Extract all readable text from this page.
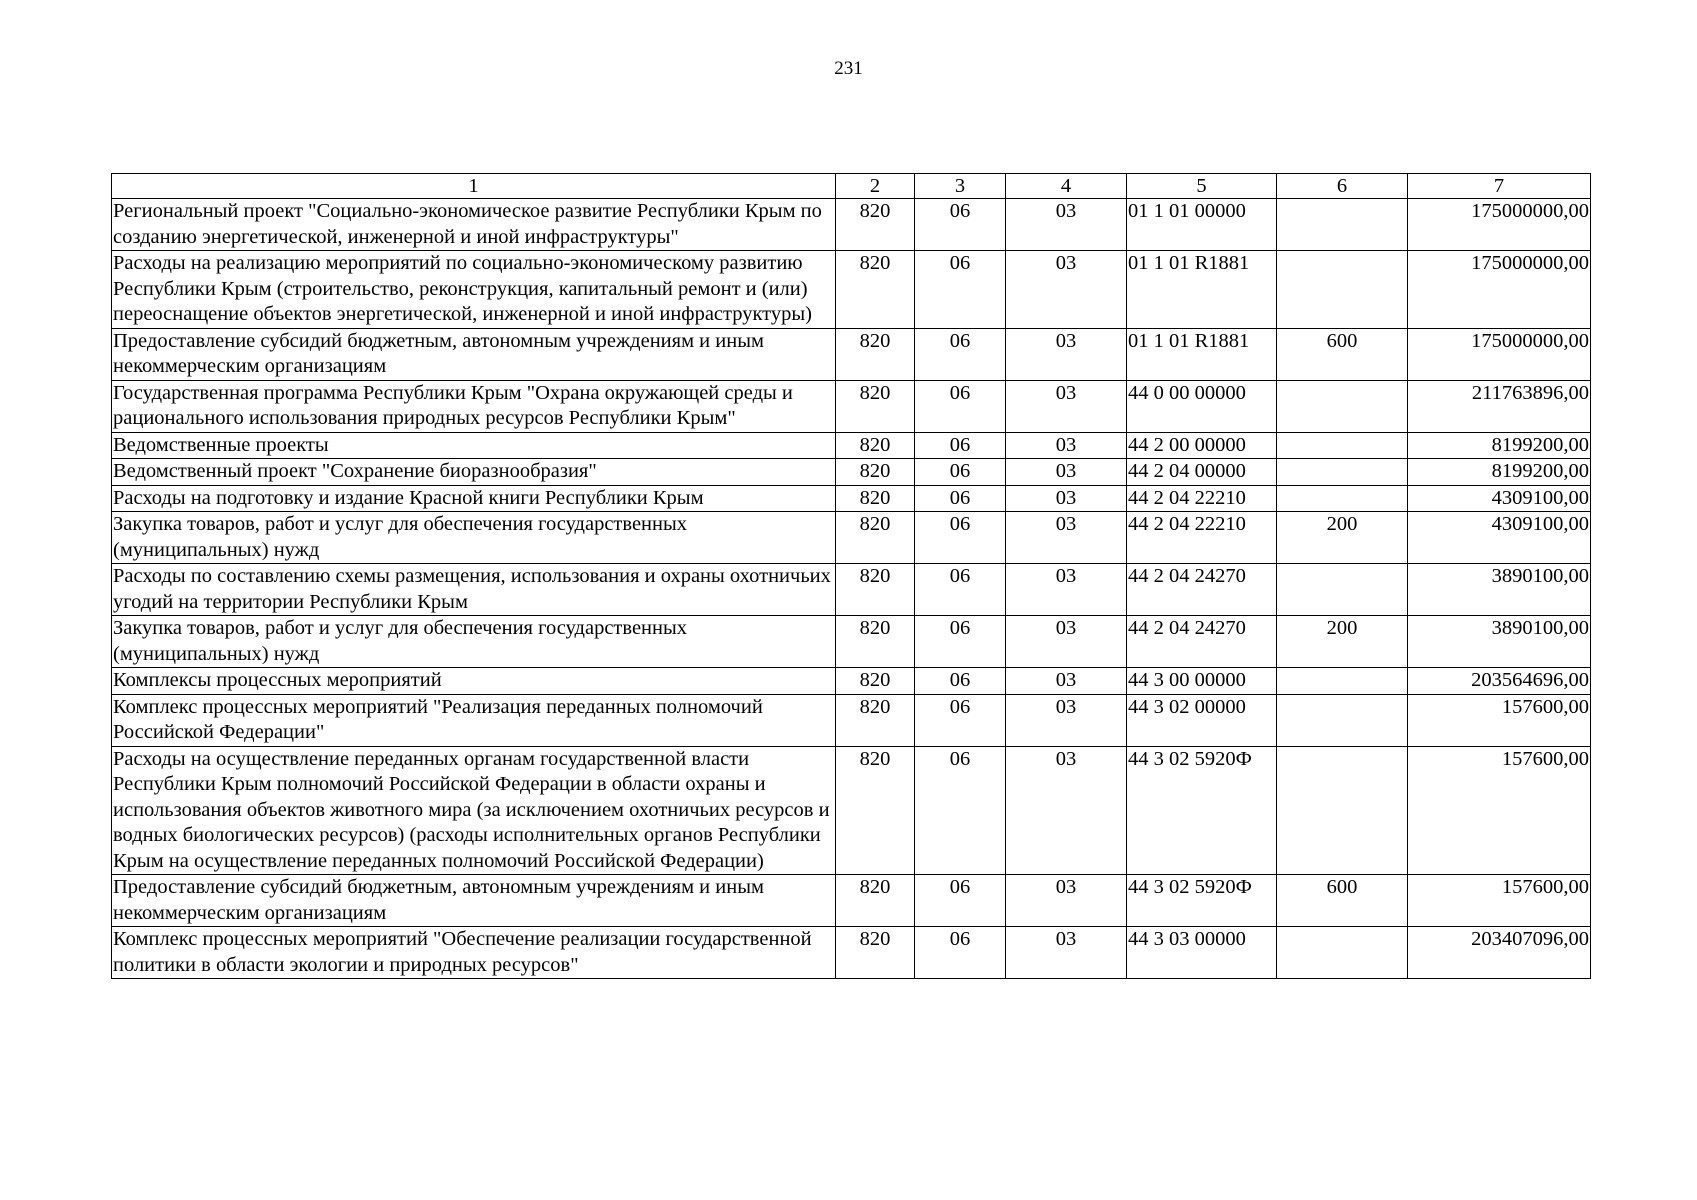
231
1	2	3	4	5	6	7
Региональный проект "Социально-экономическое развитие Республики Крым по созданию энергетической, инженерной и иной инфраструктуры"	820	06	03	01 1 01 00000		175000000,00
Расходы на реализацию мероприятий по социально-экономическому развитию Республики Крым (строительство, реконструкция, капитальный ремонт и (или) переоснащение объектов энергетической, инженерной и иной инфраструктуры)	820	06	03	01 1 01 R1881		175000000,00
Предоставление субсидий бюджетным, автономным учреждениям и иным некоммерческим организациям	820	06	03	01 1 01 R1881	600	175000000,00
Государственная программа Республики Крым "Охрана окружающей среды и рационального использования природных ресурсов Республики Крым"	820	06	03	44 0 00 00000		211763896,00
Ведомственные проекты	820	06	03	44 2 00 00000		8199200,00
Ведомственный проект "Сохранение биоразнообразия"	820	06	03	44 2 04 00000		8199200,00
Расходы на подготовку и издание Красной книги Республики Крым	820	06	03	44 2 04 22210		4309100,00
Закупка товаров, работ и услуг для обеспечения государственных (муниципальных) нужд	820	06	03	44 2 04 22210	200	4309100,00
Расходы по составлению схемы размещения, использования и охраны охотничьих угодий на территории Республики Крым	820	06	03	44 2 04 24270		3890100,00
Закупка товаров, работ и услуг для обеспечения государственных (муниципальных) нужд	820	06	03	44 2 04 24270	200	3890100,00
Комплексы процессных мероприятий	820	06	03	44 3 00 00000		203564696,00
Комплекс процессных мероприятий "Реализация переданных полномочий Российской Федерации"	820	06	03	44 3 02 00000		157600,00
Расходы на осуществление переданных органам государственной власти Республики Крым полномочий Российской Федерации в области охраны и использования объектов животного мира (за исключением охотничьих ресурсов и водных биологических ресурсов) (расходы исполнительных органов Республики Крым на осуществление переданных полномочий Российской Федерации)	820	06	03	44 3 02 5920Ф		157600,00
Предоставление субсидий бюджетным, автономным учреждениям и иным некоммерческим организациям	820	06	03	44 3 02 5920Ф	600	157600,00
Комплекс процессных мероприятий "Обеспечение реализации государственной политики в области экологии и природных ресурсов"	820	06	03	44 3 03 00000		203407096,00
